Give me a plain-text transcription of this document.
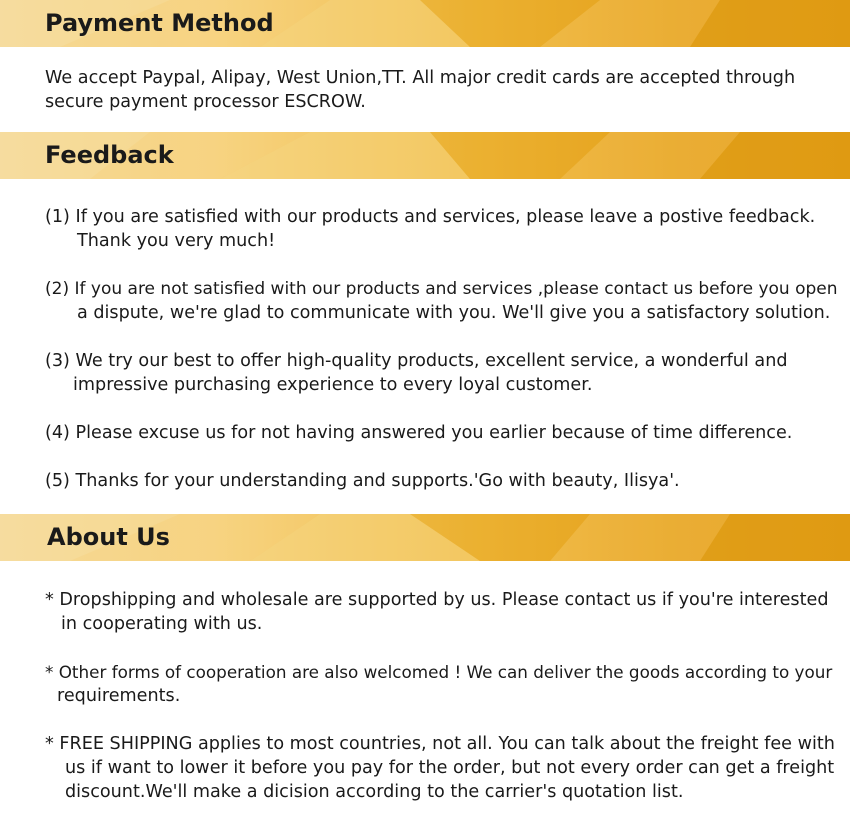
Payment Method

We accept Paypal, Alipay, West Union,TT. All major credit cards are accepted through
secure payment processor ESCROW.

Feedback

(1) If you are satisfied with our products and services, please leave a postive feedback.
Thank you very much!

(2) If you are not satisfied with our products and services ,please contact us before you open
a dispute, we're glad to communicate with you. We'll give you a satisfactory solution.

(3) We try our best to offer high-quality products, excellent service, a wonderful and
impressive purchasing experience to every loyal customer.

(4) Please excuse us for not having answered you earlier because of time difference.

(5) Thanks for your understanding and supports.'Go with beauty, Ilisya'.

About Us

* Dropshipping and wholesale are supported by us. Please contact us if you're interested
in cooperating with us.

* Other forms of cooperation are also welcomed ! We can deliver the goods according to your
requirements.

* FREE SHIPPING applies to most countries, not all. You can talk about the freight fee with
us if want to lower it before you pay for the order, but not every order can get a freight
discount.We'll make a dicision according to the carrier's quotation list.
